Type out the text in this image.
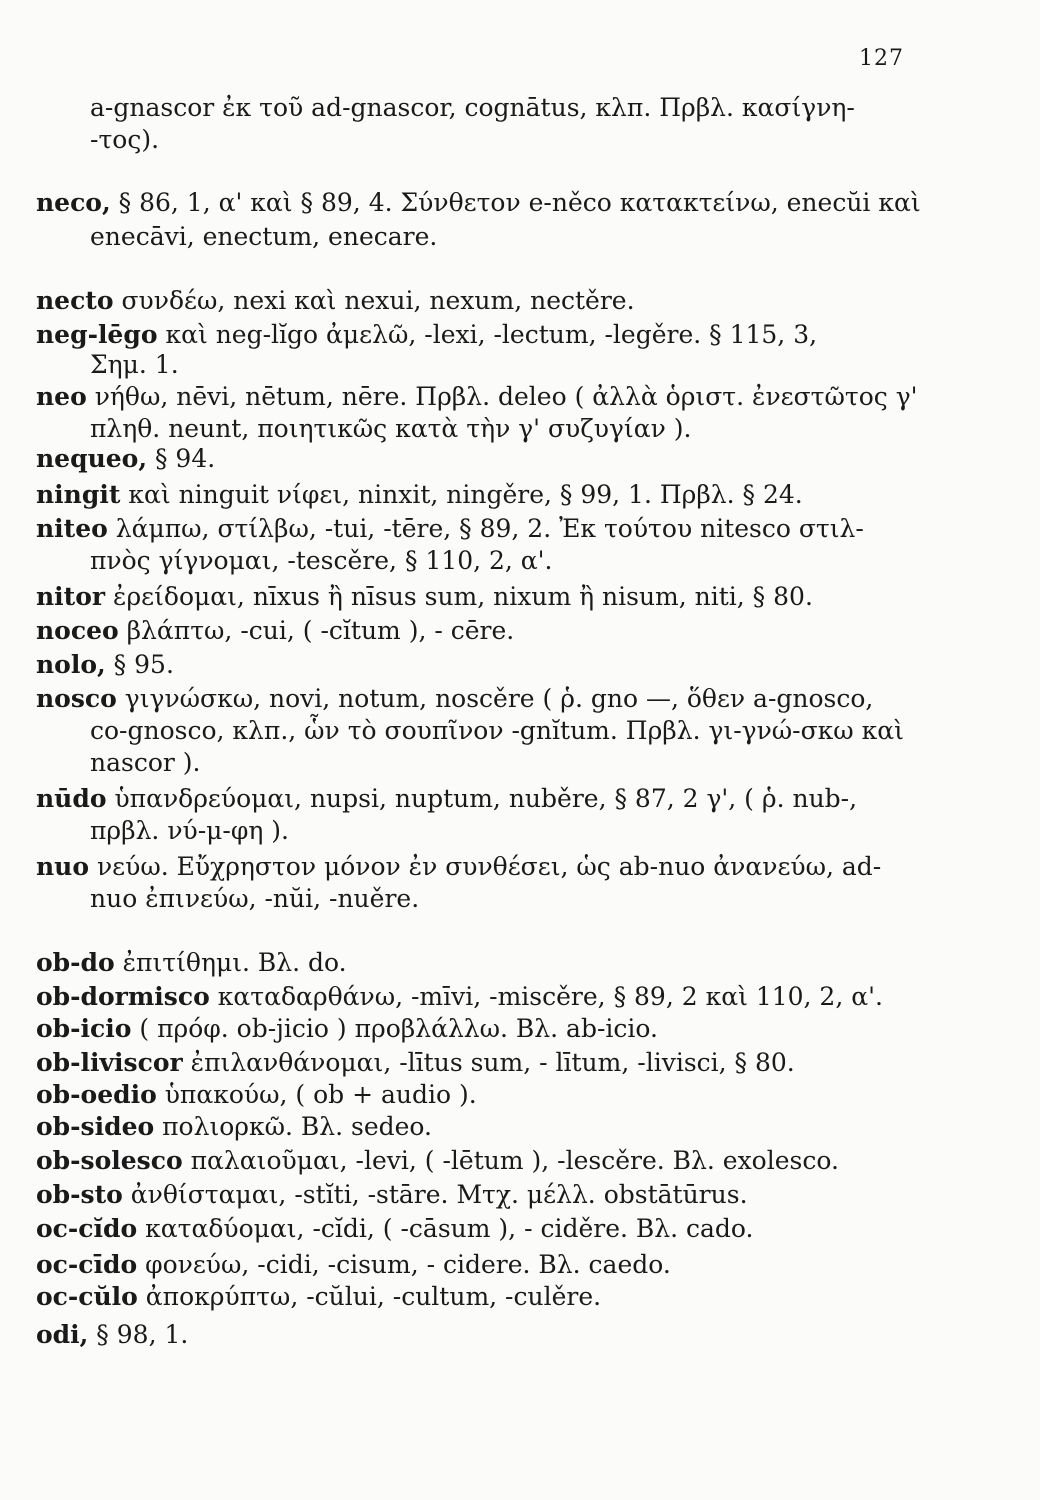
127
a-gnascor ἐκ τοῦ ad-gnascor, cognātus, κλπ. Πρβλ. κασίγνη-
-τος).
neco, § 86, 1, α' καὶ § 89, 4. Σύνθετον e-něco κατακτείνω, enecŭi καὶ
enecāvi, enectum, enecare.
necto συνδέω, nexi καὶ nexui, nexum, nectěre.
neg-lēgo καὶ neg-lĭgo ἀμελῶ, -lexi, -lectum, -legěre. § 115, 3,
Σημ. 1.
neo νήθω, nēvi, nētum, nēre. Πρβλ. deleo ( ἀλλὰ ὁριστ. ἐνεστῶτος γ'
πληθ. neunt, ποιητικῶς κατὰ τὴν γ' συζυγίαν ).
nequeo, § 94.
ningit καὶ ninguit νίφει, ninxit, ningěre, § 99, 1. Πρβλ. § 24.
niteo λάμπω, στίλβω, -tui, -tēre, § 89, 2. Ἐκ τούτου nitesco στιλ-
πνὸς γίγνομαι, -tescěre, § 110, 2, α'.
nitor ἐρείδομαι, nīxus ἢ nīsus sum, nixum ἢ nisum, niti, § 80.
noceo βλάπτω, -cui, ( -cĭtum ), - cēre.
nolo, § 95.
nosco γιγνώσκω, novi, notum, noscěre ( ῥ. gno —, ὅθεν a-gnosco,
co-gnosco, κλπ., ὧν τὸ σουπῖνον -gnĭtum. Πρβλ. γι-γνώ-σκω καὶ
nascor ).
nūdo ὑπανδρεύομαι, nupsi, nuptum, nuběre, § 87, 2 γ', ( ῥ. nub-,
πρβλ. νύ-μ-φη ).
nuo νεύω. Εὔχρηστον μόνον ἐν συνθέσει, ὡς ab-nuo ἀνανεύω, ad-
nuo ἐπινεύω, -nŭi, -nuěre.
ob-do ἐπιτίθημι. Βλ. do.
ob-dormisco καταδαρθάνω, -mīvi, -miscěre, § 89, 2 καὶ 110, 2, α'.
ob-icio ( πρόφ. ob-jicio ) προβλάλλω. Βλ. ab-icio.
ob-liviscor ἐπιλανθάνομαι, -lītus sum, - lītum, -livisci, § 80.
ob-oedio ὑπακούω, ( ob + audio ).
ob-sideo πολιορκῶ. Βλ. sedeo.
ob-solesco παλαιοῦμαι, -levi, ( -lētum ), -lescěre. Βλ. exolesco.
ob-sto ἀνθίσταμαι, -stĭti, -stāre. Μτχ. μέλλ. obstātūrus.
oc-cĭdo καταδύομαι, -cĭdi, ( -cāsum ), - ciděre. Βλ. cado.
oc-cīdo φονεύω, -cidi, -cisum, - cidere. Βλ. caedo.
oc-cŭlo ἀποκρύπτω, -cŭlui, -cultum, -culěre.
odi, § 98, 1.
